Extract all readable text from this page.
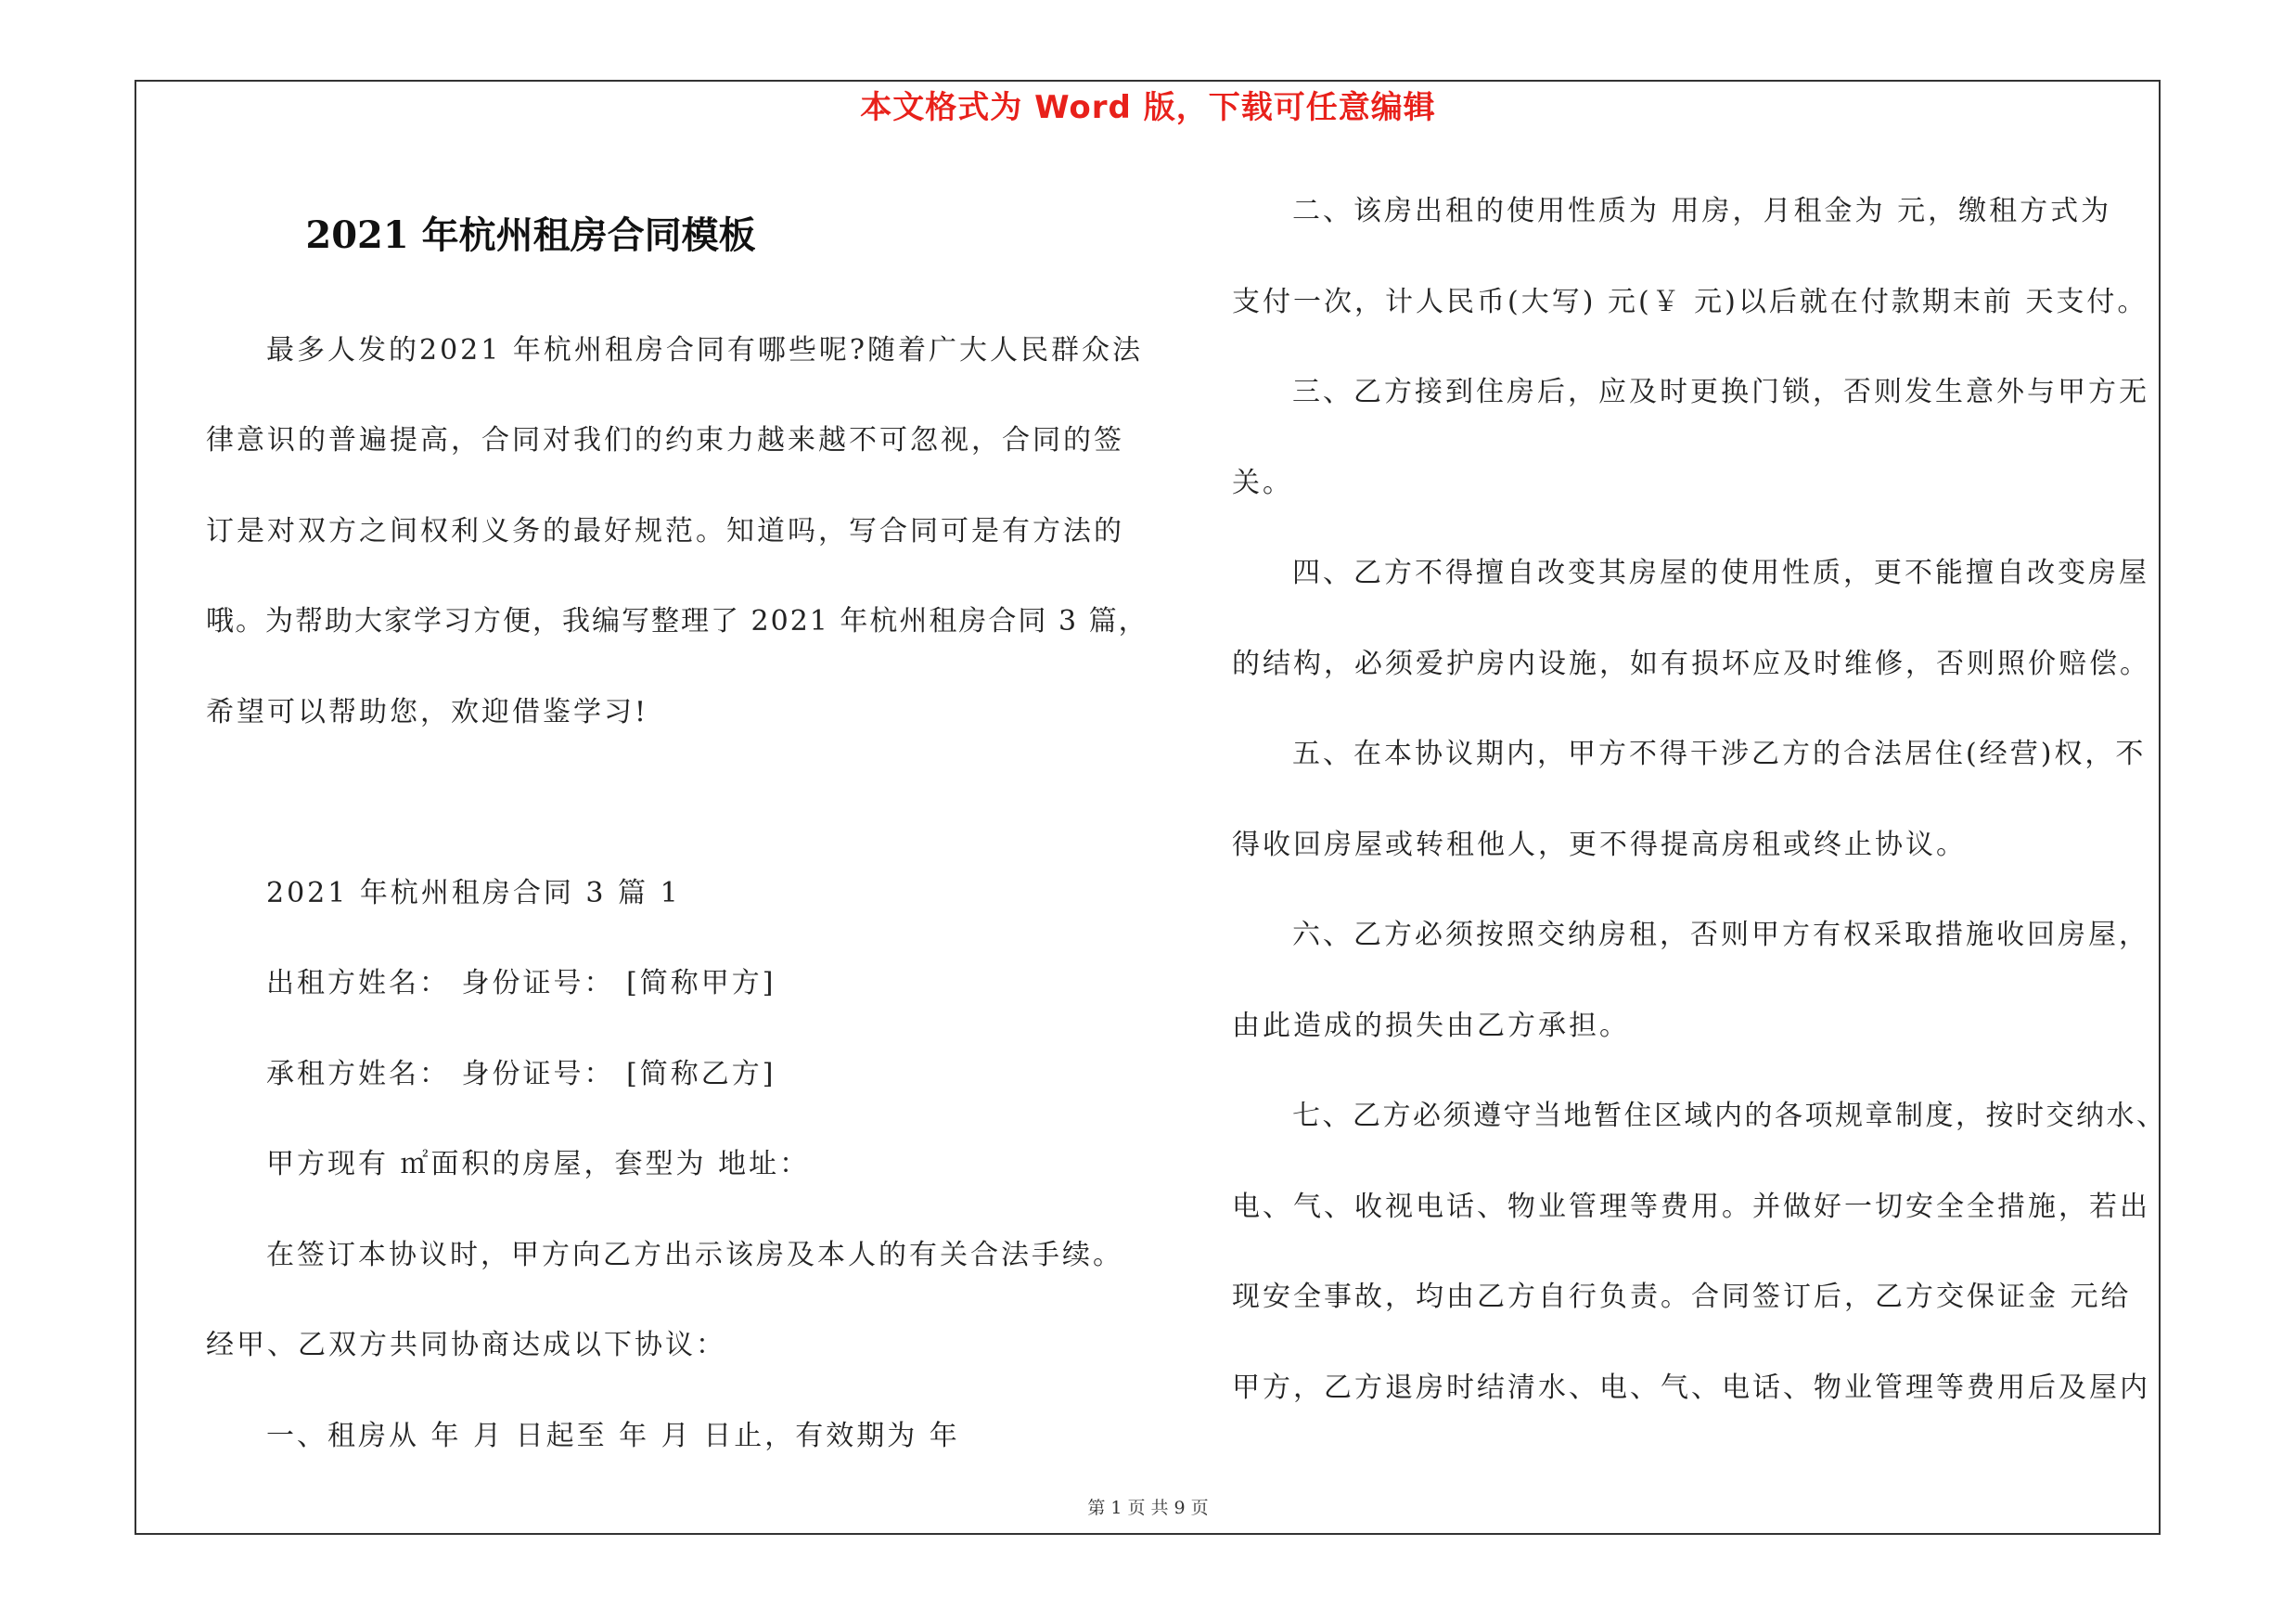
本文格式为 Word 版，下载可任意编辑
2021 年杭州租房合同模板
最多人发的2021 年杭州租房合同有哪些呢?随着广大人民群众法
律意识的普遍提高，合同对我们的约束力越来越不可忽视，合同的签
订是对双方之间权利义务的最好规范。知道吗，写合同可是有方法的
哦。为帮助大家学习方便，我编写整理了 2021 年杭州租房合同 3 篇，
希望可以帮助您，欢迎借鉴学习!
2021 年杭州租房合同 3 篇 1
出租方姓名： 身份证号： [简称甲方]
承租方姓名： 身份证号： [简称乙方]
甲方现有 ㎡面积的房屋，套型为 地址：
在签订本协议时，甲方向乙方出示该房及本人的有关合法手续。
经甲、乙双方共同协商达成以下协议：
一、租房从 年 月 日起至 年 月 日止，有效期为 年
二、该房出租的使用性质为 用房，月租金为 元，缴租方式为
支付一次，计人民币(大写) 元(￥ 元)以后就在付款期末前 天支付。
三、乙方接到住房后，应及时更换门锁，否则发生意外与甲方无
关。
四、乙方不得擅自改变其房屋的使用性质，更不能擅自改变房屋
的结构，必须爱护房内设施，如有损坏应及时维修，否则照价赔偿。
五、在本协议期内，甲方不得干涉乙方的合法居住(经营)权，不
得收回房屋或转租他人，更不得提高房租或终止协议。
六、乙方必须按照交纳房租，否则甲方有权采取措施收回房屋，
由此造成的损失由乙方承担。
七、乙方必须遵守当地暂住区域内的各项规章制度，按时交纳水、
电、气、收视电话、物业管理等费用。并做好一切安全全措施，若出
现安全事故，均由乙方自行负责。合同签订后，乙方交保证金 元给
甲方，乙方退房时结清水、电、气、电话、物业管理等费用后及屋内
第 1 页 共 9 页
